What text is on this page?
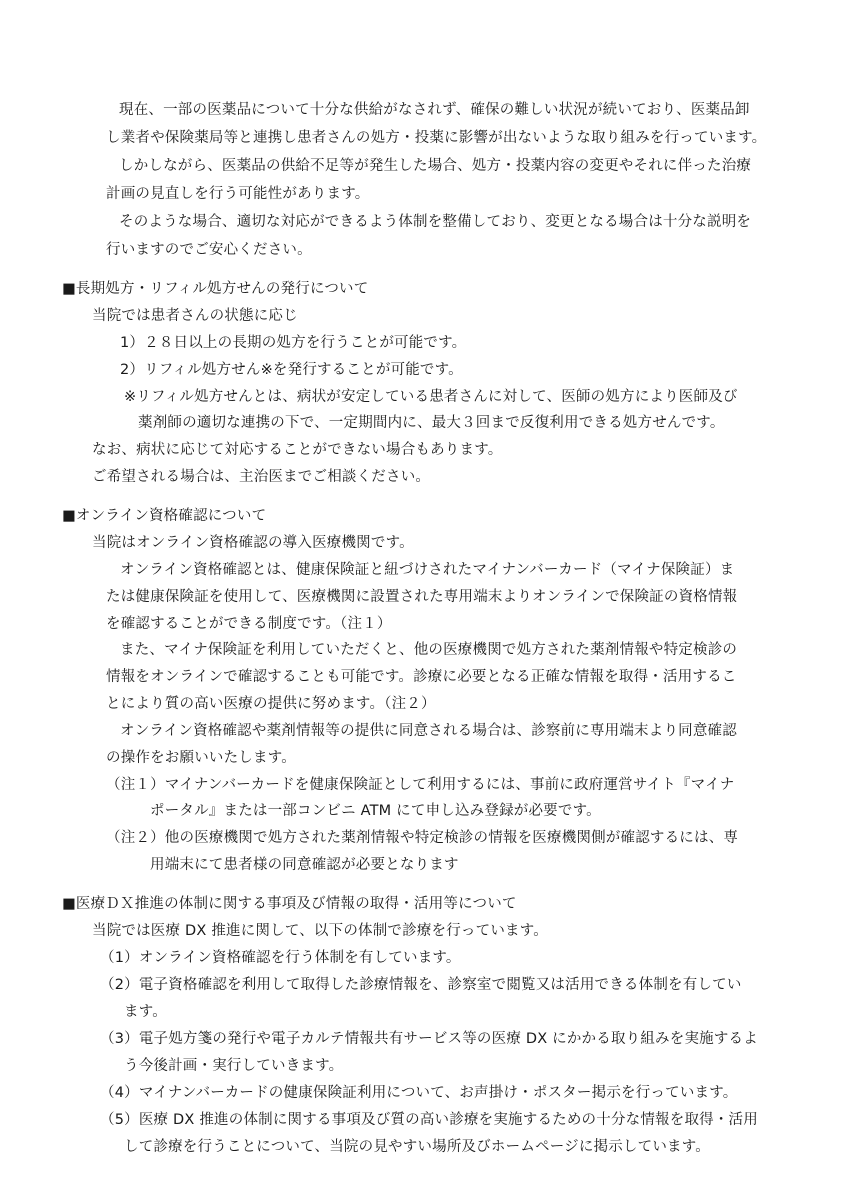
現在、一部の医薬品について十分な供給がなされず、確保の難しい状況が続いており、医薬品卸
し業者や保険薬局等と連携し患者さんの処方・投薬に影響が出ないような取り組みを行っています。
しかしながら、医薬品の供給不足等が発生した場合、処方・投薬内容の変更やそれに伴った治療
計画の見直しを行う可能性があります。
そのような場合、適切な対応ができるよう体制を整備しており、変更となる場合は十分な説明を
行いますのでご安心ください。
■長期処方・リフィル処方せんの発行について
当院では患者さんの状態に応じ
1）２８日以上の長期の処方を行うことが可能です。
2）リフィル処方せん※を発行することが可能です。
※リフィル処方せんとは、病状が安定している患者さんに対して、医師の処方により医師及び
薬剤師の適切な連携の下で、一定期間内に、最大３回まで反復利用できる処方せんです。
なお、病状に応じて対応することができない場合もあります。
ご希望される場合は、主治医までご相談ください。
■オンライン資格確認について
当院はオンライン資格確認の導入医療機関です。
オンライン資格確認とは、健康保険証と紐づけされたマイナンバーカード（マイナ保険証）ま
たは健康保険証を使用して、医療機関に設置された専用端末よりオンラインで保険証の資格情報
を確認することができる制度です。（注１）
また、マイナ保険証を利用していただくと、他の医療機関で処方された薬剤情報や特定検診の
情報をオンラインで確認することも可能です。診療に必要となる正確な情報を取得・活用するこ
とにより質の高い医療の提供に努めます。（注２）
オンライン資格確認や薬剤情報等の提供に同意される場合は、診察前に専用端末より同意確認
の操作をお願いいたします。
（注１）マイナンバーカードを健康保険証として利用するには、事前に政府運営サイト『マイナ
ポータル』または一部コンビニ ATM にて申し込み登録が必要です。
（注２）他の医療機関で処方された薬剤情報や特定検診の情報を医療機関側が確認するには、専
用端末にて患者様の同意確認が必要となります
■医療ＤＸ推進の体制に関する事項及び情報の取得・活用等について
当院では医療 DX 推進に関して、以下の体制で診療を行っています。
（1）オンライン資格確認を行う体制を有しています。
（2）電子資格確認を利用して取得した診療情報を、診察室で閲覧又は活用できる体制を有してい
ます。
（3）電子処方箋の発行や電子カルテ情報共有サービス等の医療 DX にかかる取り組みを実施するよ
う今後計画・実行していきます。
（4）マイナンバーカードの健康保険証利用について、お声掛け・ポスター掲示を行っています。
（5）医療 DX 推進の体制に関する事項及び質の高い診療を実施するための十分な情報を取得・活用
して診療を行うことについて、当院の見やすい場所及びホームページに掲示しています。
